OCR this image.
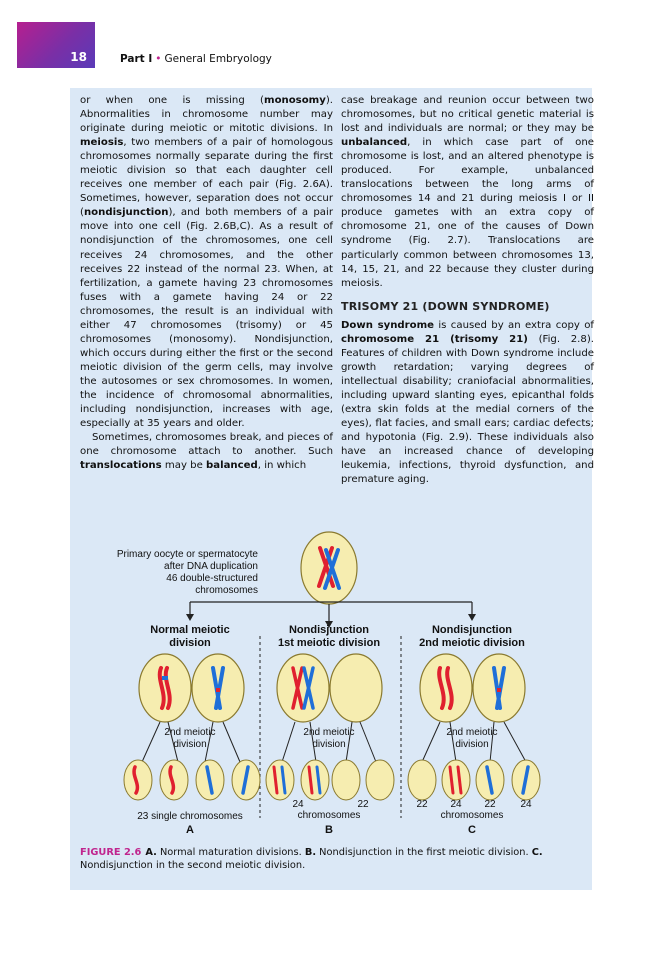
18	Part I • General Embryology

or when one is missing (monosomy). Abnormalities in chromosome number may originate during meiotic or mitotic divisions. In meiosis, two members of a pair of homologous chromosomes normally separate during the first meiotic division so that each daughter cell receives one member of each pair (Fig. 2.6A). Sometimes, however, separation does not occur (nondisjunction), and both members of a pair move into one cell (Fig. 2.6B,C). As a result of nondisjunction of the chromosomes, one cell receives 24 chromosomes, and the other receives 22 instead of the normal 23. When, at fertilization, a gamete having 23 chromosomes fuses with a gamete having 24 or 22 chromosomes, the result is an individual with either 47 chromosomes (trisomy) or 45 chromosomes (monosomy). Nondisjunction, which occurs during either the first or the second meiotic division of the germ cells, may involve the autosomes or sex chromosomes. In women, the incidence of chromosomal abnormalities, including nondisjunction, increases with age, especially at 35 years and older.

Sometimes, chromosomes break, and pieces of one chromosome attach to another. Such translocations may be balanced, in which

case breakage and reunion occur between two chromosomes, but no critical genetic material is lost and individuals are normal; or they may be unbalanced, in which case part of one chromosome is lost, and an altered phenotype is produced. For example, unbalanced translocations between the long arms of chromosomes 14 and 21 during meiosis I or II produce gametes with an extra copy of chromosome 21, one of the causes of Down syndrome (Fig. 2.7). Translocations are particularly common between chromosomes 13, 14, 15, 21, and 22 because they cluster during meiosis.

TRISOMY 21 (DOWN SYNDROME)

Down syndrome is caused by an extra copy of chromosome 21 (trisomy 21) (Fig. 2.8). Features of children with Down syndrome include growth retardation; varying degrees of intellectual disability; craniofacial abnormalities, including upward slanting eyes, epicanthal folds (extra skin folds at the medial corners of the eyes), flat facies, and small ears; cardiac defects; and hypotonia (Fig. 2.9). These individuals also have an increased chance of developing leukemia, infections, thyroid dysfunction, and premature aging.

Primary oocyte or spermatocyte
after DNA duplication
46 double-structured
chromosomes
Normal meiotic
division
Nondisjunction
1st meiotic division
Nondisjunction
2nd meiotic division
2nd meiotic
division
23 single chromosomes
A
2nd meiotic
division
24	22
chromosomes
B
2nd meiotic
division
22 24 22 24
chromosomes
C
FIGURE 2.6 A. Normal maturation divisions. B. Nondisjunction in the first meiotic division. C. Nondisjunction in the second meiotic division.
